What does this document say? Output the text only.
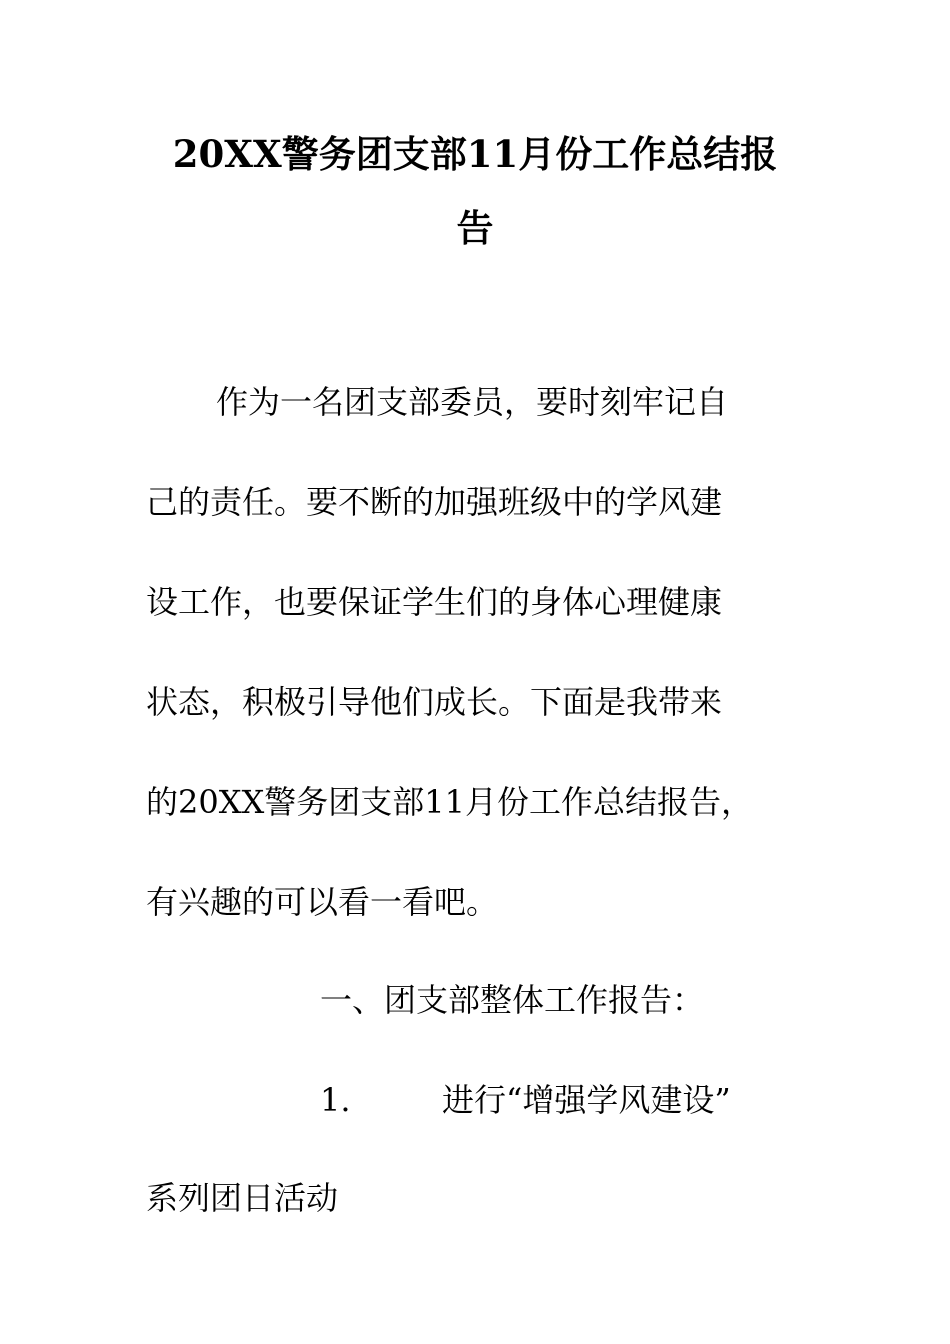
20XX警务团支部11月份工作总结报
告
作为一名团支部委员，要时刻牢记自
己的责任。要不断的加强班级中的学风建
设工作，也要保证学生们的身体心理健康
状态，积极引导他们成长。下面是我带来
的20XX警务团支部11月份工作总结报告，
有兴趣的可以看一看吧。
一、团支部整体工作报告：
1.	进行“增强学风建设”
系列团日活动
